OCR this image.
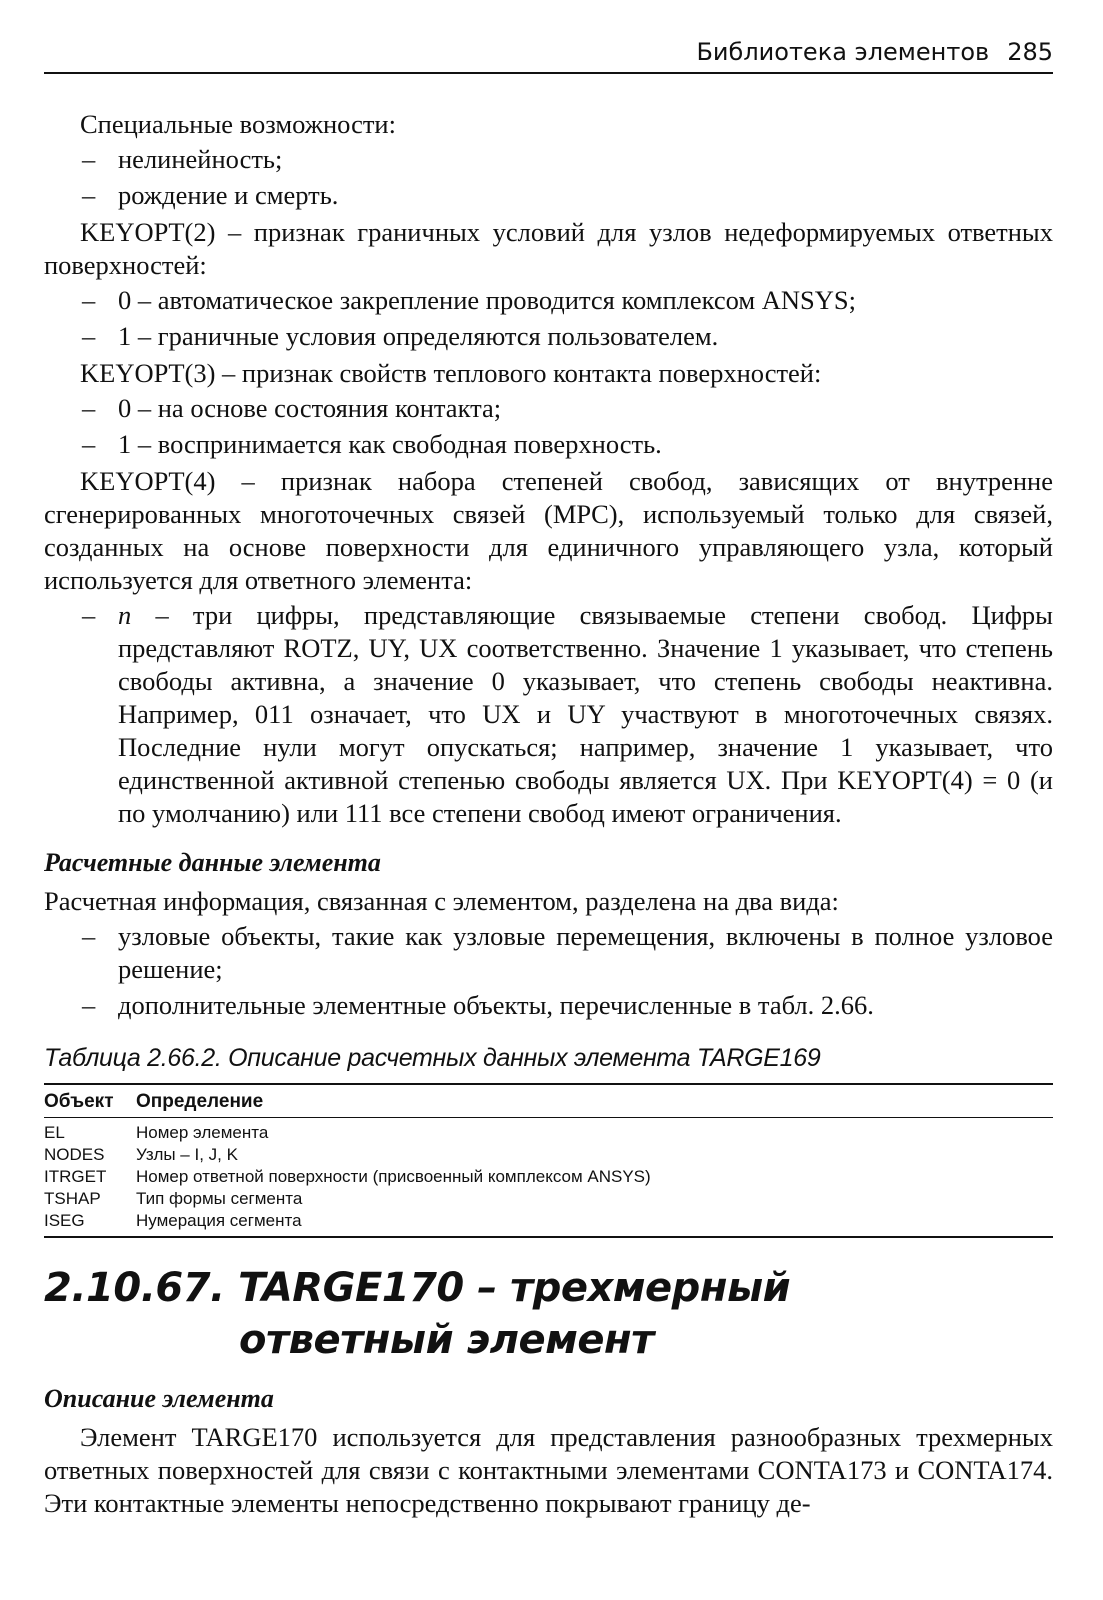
Библиотека элементов 285

Специальные возможности:

– нелинейность;
– рождение и смерть.

KEYOPT(2) – признак граничных условий для узлов недеформируемых ответных поверхностей:

– 0 – автоматическое закрепление проводится комплексом ANSYS;
– 1 – граничные условия определяются пользователем.

KEYOPT(3) – признак свойств теплового контакта поверхностей:

– 0 – на основе состояния контакта;
– 1 – воспринимается как свободная поверхность.

KEYOPT(4) – признак набора степеней свобод, зависящих от внутренне сгенерированных многоточечных связей (MPC), используемый только для связей, созданных на основе поверхности для единичного управляющего узла, который используется для ответного элемента:

– n – три цифры, представляющие связываемые степени свобод. Цифры представляют ROTZ, UY, UX соответственно. Значение 1 указывает, что степень свободы активна, а значение 0 указывает, что степень свободы неактивна. Например, 011 означает, что UX и UY участвуют в многоточечных связях. Последние нули могут опускаться; например, значение 1 указывает, что единственной активной степенью свободы является UX. При KEYOPT(4) = 0 (и по умолчанию) или 111 все степени свобод имеют ограничения.
Расчетные данные элемента

Расчетная информация, связанная с элементом, разделена на два вида:

– узловые объекты, такие как узловые перемещения, включены в полное узловое решение;
– дополнительные элементные объекты, перечисленные в табл. 2.66.
Таблица 2.66.2. Описание расчетных данных элемента TARGE169
Объект	Определение
EL	Номер элемента
NODES	Узлы – I, J, K
ITRGET	Номер ответной поверхности (присвоенный комплексом ANSYS)
TSHAP	Тип формы сегмента
ISEG	Нумерация сегмента
2.10.67. TARGE170 – трехмерный
ответный элемент
Описание элемента

Элемент TARGE170 используется для представления разнообразных трехмерных ответных поверхностей для связи с контактными элементами CONTA173 и CONTA174. Эти контактные элементы непосредственно покрывают границу де-
